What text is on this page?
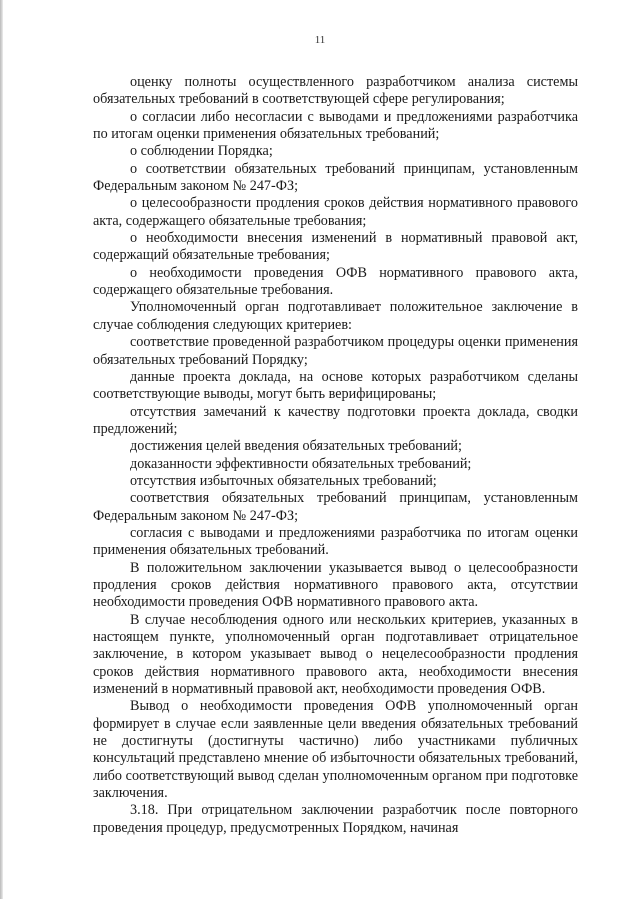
11

оценку полноты осуществленного разработчиком анализа системы обязательных требований в соответствующей сфере регулирования;

о согласии либо несогласии с выводами и предложениями разработчика по итогам оценки применения обязательных требований;

о соблюдении Порядка;

о соответствии обязательных требований принципам, установленным Федеральным законом № 247-ФЗ;

о целесообразности продления сроков действия нормативного правового акта, содержащего обязательные требования;

о необходимости внесения изменений в нормативный правовой акт, содержащий обязательные требования;

о необходимости проведения ОФВ нормативного правового акта, содержащего обязательные требования.

Уполномоченный орган подготавливает положительное заключение в случае соблюдения следующих критериев:

соответствие проведенной разработчиком процедуры оценки применения обязательных требований Порядку;

данные проекта доклада, на основе которых разработчиком сделаны соответствующие выводы, могут быть верифицированы;

отсутствия замечаний к качеству подготовки проекта доклада, сводки предложений;

достижения целей введения обязательных требований;

доказанности эффективности обязательных требований;

отсутствия избыточных обязательных требований;

соответствия обязательных требований принципам, установленным Федеральным законом № 247-ФЗ;

согласия с выводами и предложениями разработчика по итогам оценки применения обязательных требований.

В положительном заключении указывается вывод о целесообразности продления сроков действия нормативного правового акта, отсутствии необходимости проведения ОФВ нормативного правового акта.

В случае несоблюдения одного или нескольких критериев, указанных в настоящем пункте, уполномоченный орган подготавливает отрицательное заключение, в котором указывает вывод о нецелесообразности продления сроков действия нормативного правового акта, необходимости внесения изменений в нормативный правовой акт, необходимости проведения ОФВ.

Вывод о необходимости проведения ОФВ уполномоченный орган формирует в случае если заявленные цели введения обязательных требований не достигнуты (достигнуты частично) либо участниками публичных консультаций представлено мнение об избыточности обязательных требований, либо соответствующий вывод сделан уполномоченным органом при подготовке заключения.

3.18. При отрицательном заключении разработчик после повторного проведения процедур, предусмотренных Порядком, начиная
